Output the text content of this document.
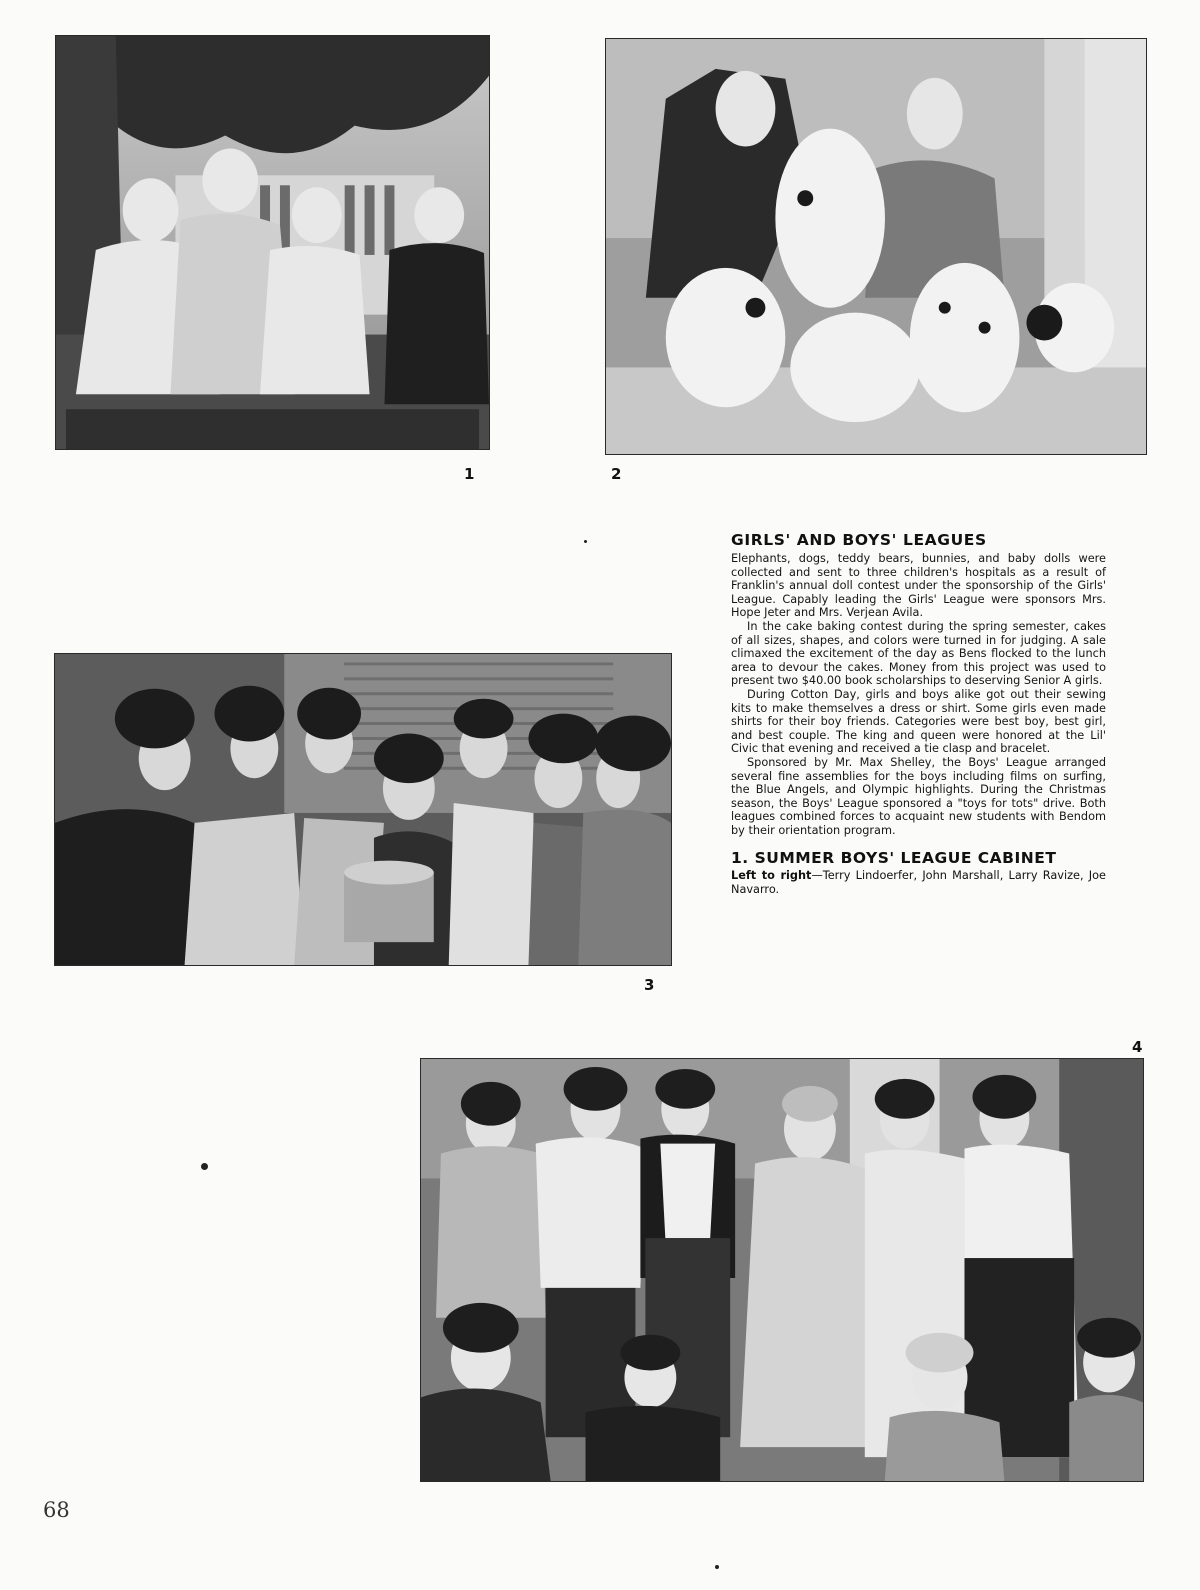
1	2
3
GIRLS' AND BOYS' LEAGUES

Elephants, dogs, teddy bears, bunnies, and baby dolls were collected and sent to three children's hospitals as a result of Franklin's annual doll contest under the sponsorship of the Girls' League. Capably leading the Girls' League were sponsors Mrs. Hope Jeter and Mrs. Verjean Avila.

In the cake baking contest during the spring semester, cakes of all sizes, shapes, and colors were turned in for judging. A sale climaxed the excitement of the day as Bens flocked to the lunch area to devour the cakes. Money from this project was used to present two $40.00 book scholarships to deserving Senior A girls.

During Cotton Day, girls and boys alike got out their sewing kits to make themselves a dress or shirt. Some girls even made shirts for their boy friends. Categories were best boy, best girl, and best couple. The king and queen were honored at the Lil' Civic that evening and received a tie clasp and bracelet.

Sponsored by Mr. Max Shelley, the Boys' League arranged several fine assemblies for the boys including films on surfing, the Blue Angels, and Olympic highlights. During the Christmas season, the Boys' League sponsored a "toys for tots" drive. Both leagues combined forces to acquaint new students with Bendom by their orientation program.

1. SUMMER BOYS' LEAGUE CABINET

Left to right—Terry Lindoerfer, John Marshall, Larry Ravize, Joe Navarro.

4
68
